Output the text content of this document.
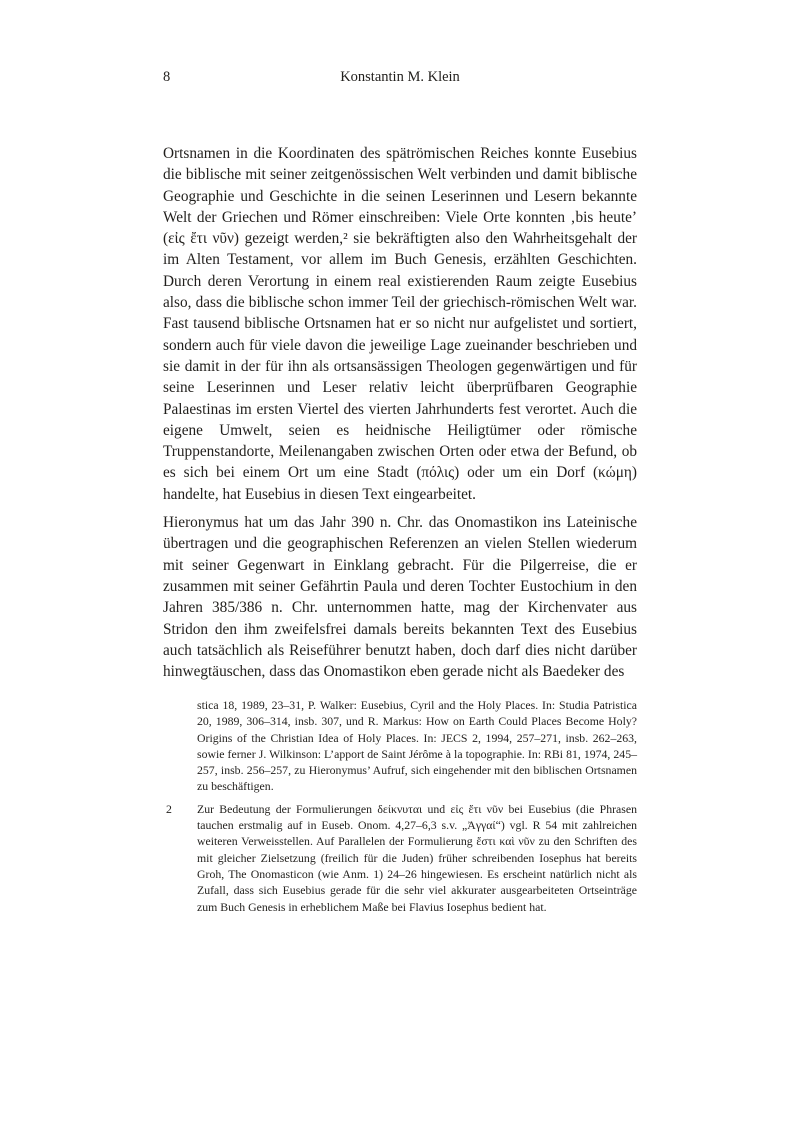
8	Konstantin M. Klein

Ortsnamen in die Koordinaten des spätrömischen Reiches konnte Eusebius die biblische mit seiner zeitgenössischen Welt verbinden und damit biblische Geographie und Geschichte in die seinen Leserinnen und Lesern bekannte Welt der Griechen und Römer einschreiben: Viele Orte konnten ‚bis heute’ (εἰς ἔτι νῦν) gezeigt werden,² sie bekräftigten also den Wahrheitsgehalt der im Alten Testament, vor allem im Buch Genesis, erzählten Geschichten. Durch deren Verortung in einem real existierenden Raum zeigte Eusebius also, dass die biblische schon immer Teil der griechisch-römischen Welt war. Fast tausend biblische Ortsnamen hat er so nicht nur aufgelistet und sortiert, sondern auch für viele davon die jeweilige Lage zueinander beschrieben und sie damit in der für ihn als ortsansässigen Theologen gegenwärtigen und für seine Leserinnen und Leser relativ leicht überprüfbaren Geographie Palaestinas im ersten Viertel des vierten Jahrhunderts fest verortet. Auch die eigene Umwelt, seien es heidnische Heiligtümer oder römische Truppenstandorte, Meilenangaben zwischen Orten oder etwa der Befund, ob es sich bei einem Ort um eine Stadt (πόλις) oder um ein Dorf (κώμη) handelte, hat Eusebius in diesen Text eingearbeitet.

Hieronymus hat um das Jahr 390 n. Chr. das Onomastikon ins Lateinische übertragen und die geographischen Referenzen an vielen Stellen wiederum mit seiner Gegenwart in Einklang gebracht. Für die Pilgerreise, die er zusammen mit seiner Gefährtin Paula und deren Tochter Eustochium in den Jahren 385/386 n. Chr. unternommen hatte, mag der Kirchenvater aus Stridon den ihm zweifelsfrei damals bereits bekannten Text des Eusebius auch tatsächlich als Reiseführer benutzt haben, doch darf dies nicht darüber hinwegtäuschen, dass das Onomastikon eben gerade nicht als Baedeker des

stica 18, 1989, 23–31, P. Walker: Eusebius, Cyril and the Holy Places. In: Studia Patristica 20, 1989, 306–314, insb. 307, und R. Markus: How on Earth Could Places Become Holy? Origins of the Christian Idea of Holy Places. In: JECS 2, 1994, 257–271, insb. 262–263, sowie ferner J. Wilkinson: L’apport de Saint Jérôme à la topographie. In: RBi 81, 1974, 245–257, insb. 256–257, zu Hieronymus’ Aufruf, sich eingehender mit den biblischen Ortsnamen zu beschäftigen.

2 Zur Bedeutung der Formulierungen δείκνυται und εἰς ἔτι νῦν bei Eusebius (die Phrasen tauchen erstmalig auf in Euseb. Onom. 4,27–6,3 s.v. „Ἀγγαί“) vgl. R 54 mit zahlreichen weiteren Verweisstellen. Auf Parallelen der Formulierung ἔστι καὶ νῦν zu den Schriften des mit gleicher Zielsetzung (freilich für die Juden) früher schreibenden Iosephus hat bereits Groh, The Onomasticon (wie Anm. 1) 24–26 hingewiesen. Es erscheint natürlich nicht als Zufall, dass sich Eusebius gerade für die sehr viel akkurater ausgearbeiteten Ortseinträge zum Buch Genesis in erheblichem Maße bei Flavius Iosephus bedient hat.
